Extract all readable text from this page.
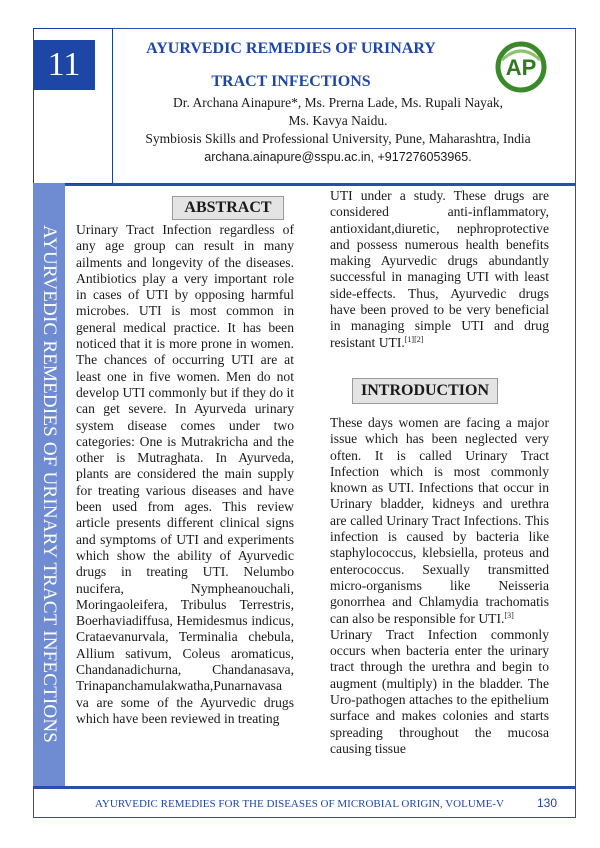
11
AYURVEDIC REMEDIES OF URINARY TRACT INFECTIONS
AYURVEDIC REMEDIES OF URINARY
TRACT INFECTIONS
AP
Dr. Archana Ainapure*, Ms. Prerna Lade, Ms. Rupali Nayak,
Ms. Kavya Naidu.
Symbiosis Skills and Professional University, Pune, Maharashtra, India
archana.ainapure@sspu.ac.in, +917276053965.
ABSTRACT

Urinary Tract Infection regardless of any age group can result in many ailments and longevity of the diseases. Antibiotics play a very important role in cases of UTI by opposing harmful microbes. UTI is most common in general medical practice. It has been noticed that it is more prone in women. The chances of occurring UTI are at least one in five women. Men do not develop UTI commonly but if they do it can get severe. In Ayurveda urinary system disease comes under two categories: One is Mutrakricha and the other is Mutraghata. In Ayurveda, plants are considered the main supply for treating various diseases and have been used from ages. This review article presents different clinical signs and symptoms of UTI and experiments which show the ability of Ayurvedic drugs in treating UTI. Nelumbo nucifera, Nympheanouchali, Moringaoleifera, Tribulus Terrestris, Boerhaviadiffusa, Hemidesmus indicus, Crataevanurvala, Terminalia chebula, Allium sativum, Coleus aromaticus, Chandanadichurna, Chandanasava, Trinapanchamulakwatha,Punarnavasa va are some of the Ayurvedic drugs which have been reviewed in treating

UTI under a study. These drugs are considered anti-inflammatory, antioxidant,diuretic, nephroprotective and possess numerous health benefits making Ayurvedic drugs abundantly successful in managing UTI with least side-effects. Thus, Ayurvedic drugs have been proved to be very beneficial in managing simple UTI and drug resistant UTI.[1][2]

INTRODUCTION

These days women are facing a major issue which has been neglected very often. It is called Urinary Tract Infection which is most commonly known as UTI. Infections that occur in Urinary bladder, kidneys and urethra are called Urinary Tract Infections. This infection is caused by bacteria like staphylococcus, klebsiella, proteus and enterococcus. Sexually transmitted micro-organisms like Neisseria gonorrhea and Chlamydia trachomatis can also be responsible for UTI.[3]

Urinary Tract Infection commonly occurs when bacteria enter the urinary tract through the urethra and begin to augment (multiply) in the bladder. The Uro-pathogen attaches to the epithelium surface and makes colonies and starts spreading throughout the mucosa causing tissue

AYURVEDIC REMEDIES FOR THE DISEASES OF MICROBIAL ORIGIN, VOLUME-V	130
